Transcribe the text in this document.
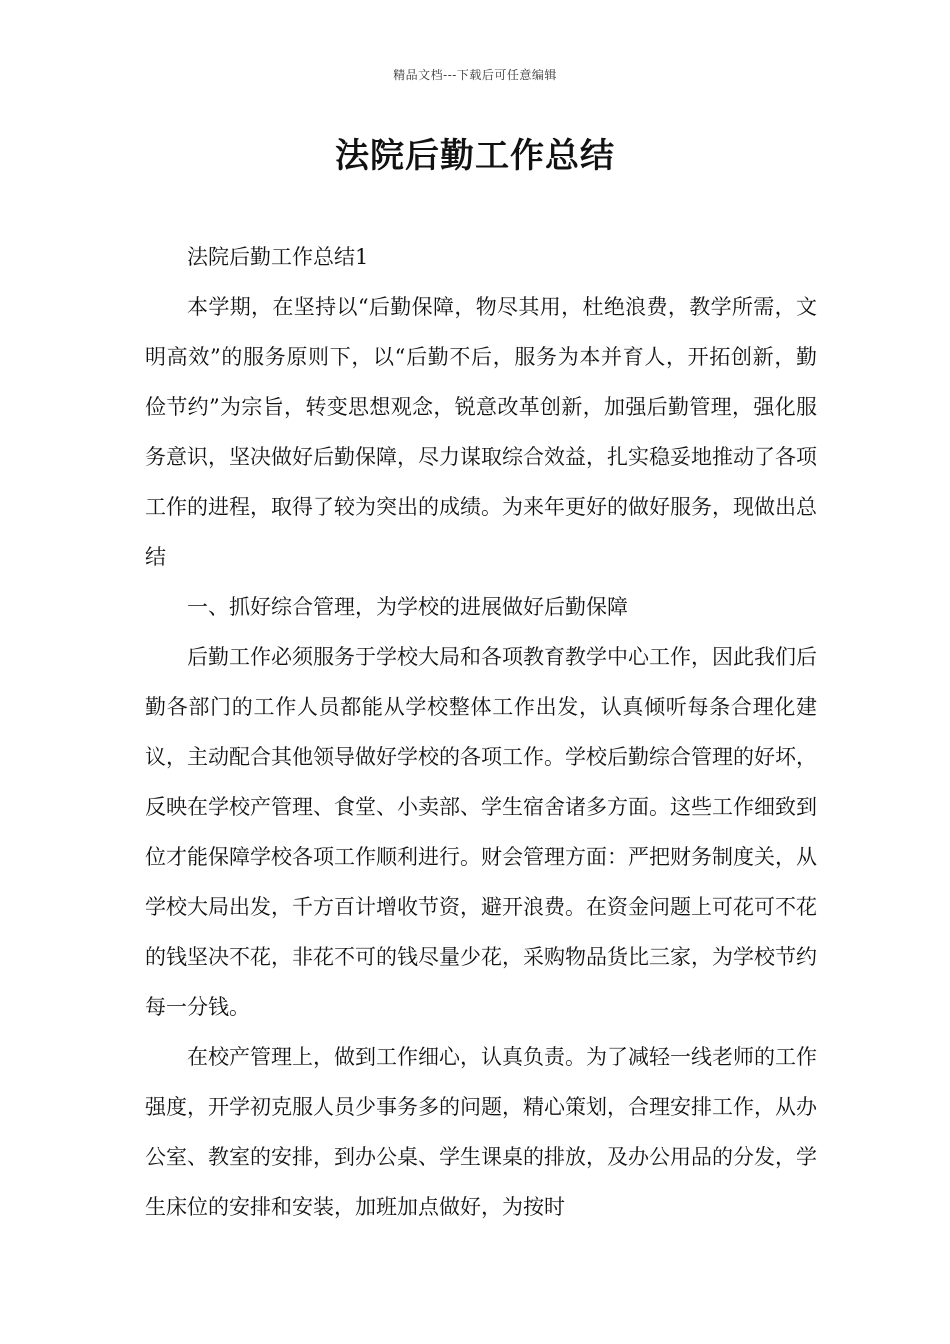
精品文档---下载后可任意编辑
法院后勤工作总结

法院后勤工作总结1

本学期，在坚持以“后勤保障，物尽其用，杜绝浪费，教学所需，文明高效”的服务原则下，以“后勤不后，服务为本并育人，开拓创新，勤俭节约”为宗旨，转变思想观念，锐意改革创新，加强后勤管理，强化服务意识，坚决做好后勤保障，尽力谋取综合效益，扎实稳妥地推动了各项工作的进程，取得了较为突出的成绩。为来年更好的做好服务，现做出总结

一、抓好综合管理，为学校的进展做好后勤保障

后勤工作必须服务于学校大局和各项教育教学中心工作，因此我们后勤各部门的工作人员都能从学校整体工作出发，认真倾听每条合理化建议，主动配合其他领导做好学校的各项工作。学校后勤综合管理的好坏，反映在学校产管理、食堂、小卖部、学生宿舍诸多方面。这些工作细致到位才能保障学校各项工作顺利进行。财会管理方面：严把财务制度关，从学校大局出发，千方百计增收节资，避开浪费。在资金问题上可花可不花的钱坚决不花，非花不可的钱尽量少花，采购物品货比三家，为学校节约每一分钱。

在校产管理上，做到工作细心，认真负责。为了减轻一线老师的工作强度，开学初克服人员少事务多的问题，精心策划，合理安排工作，从办公室、教室的安排，到办公桌、学生课桌的排放，及办公用品的分发，学生床位的安排和安装，加班加点做好，为按时
